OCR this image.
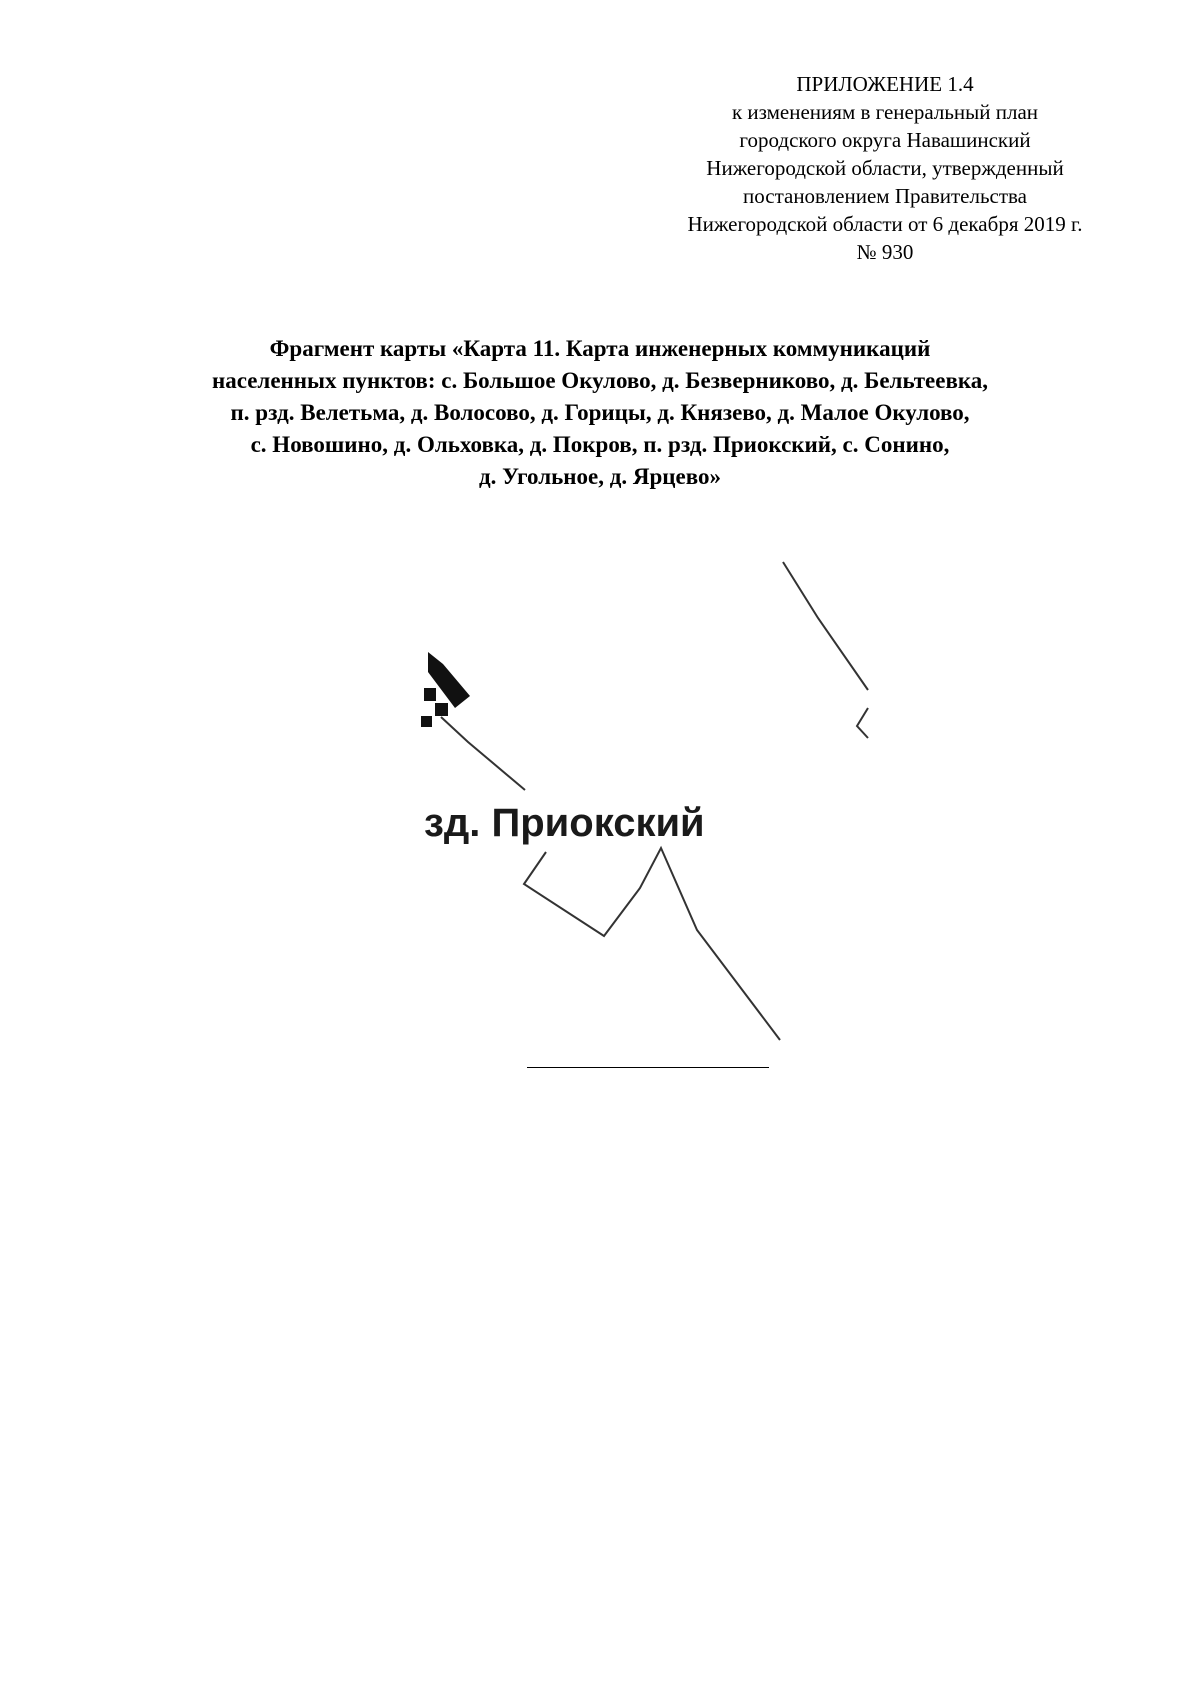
ПРИЛОЖЕНИЕ 1.4
к изменениям в генеральный план
городского округа Навашинский
Нижегородской области, утвержденный
постановлением Правительства
Нижегородской области от 6 декабря 2019 г.
№ 930
Фрагмент карты «Карта 11. Карта инженерных коммуникаций
населенных пунктов: с. Большое Окулово, д. Безверниково, д. Бельтеевка,
п. рзд. Велетьма, д. Волосово, д. Горицы, д. Князево, д. Малое Окулово,
с. Новошино, д. Ольховка, д. Покров, п. рзд. Приокский, с. Сонино,
д. Угольное, д. Ярцево»
зд. Приокский
